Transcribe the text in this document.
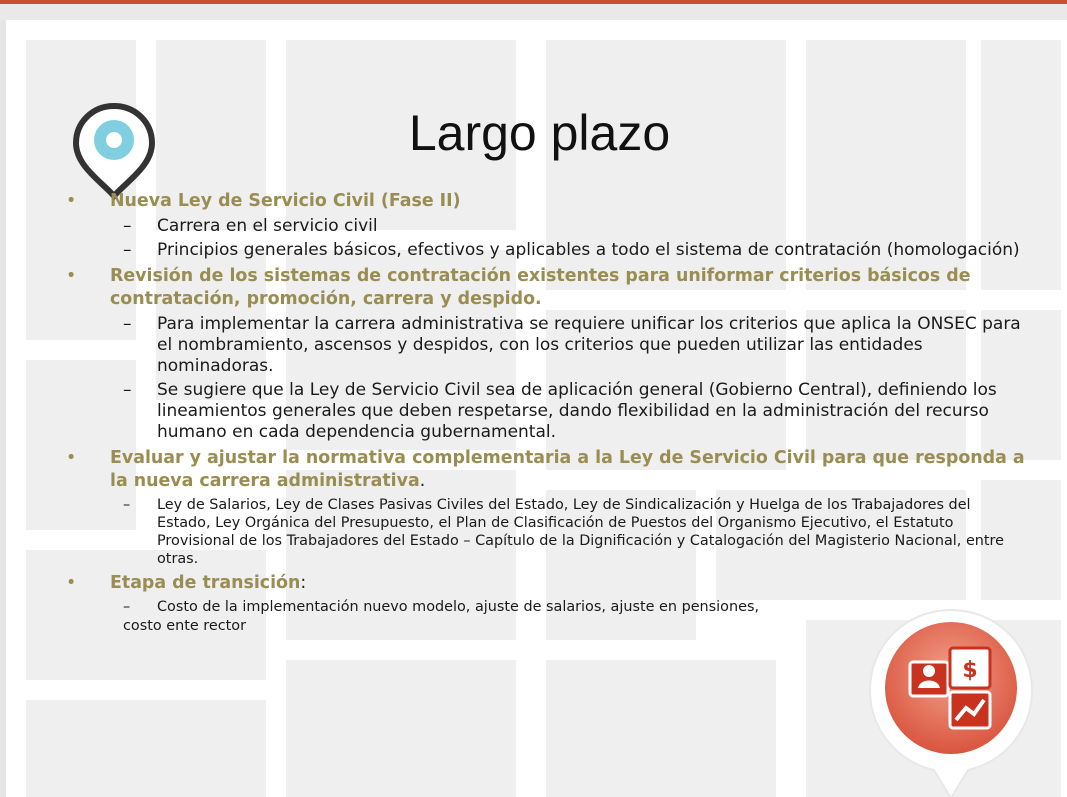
$
Largo plazo
• Nueva Ley de Servicio Civil (Fase II)
– Carrera en el servicio civil
– Principios generales básicos, efectivos y aplicables a todo el sistema de contratación (homologación)
• Revisión de los sistemas de contratación existentes para uniformar criterios básicos de contratación, promoción, carrera y despido.
– Para implementar la carrera administrativa se requiere unificar los criterios que aplica la ONSEC para el nombramiento, ascensos y despidos, con los criterios que pueden utilizar las entidades nominadoras.
– Se sugiere que la Ley de Servicio Civil sea de aplicación general (Gobierno Central), definiendo los lineamientos generales que deben respetarse, dando flexibilidad en la administración del recurso humano en cada dependencia gubernamental.
• Evaluar y ajustar la normativa complementaria a la Ley de Servicio Civil para que responda a la nueva carrera administrativa.
– Ley de Salarios, Ley de Clases Pasivas Civiles del Estado, Ley de Sindicalización y Huelga de los Trabajadores del Estado, Ley Orgánica del Presupuesto, el Plan de Clasificación de Puestos del Organismo Ejecutivo, el Estatuto Provisional de los Trabajadores del Estado – Capítulo de la Dignificación y Catalogación del Magisterio Nacional, entre otras.
• Etapa de transición:
– Costo de la implementación nuevo modelo, ajuste de salarios, ajuste en pensiones,
costo ente rector
